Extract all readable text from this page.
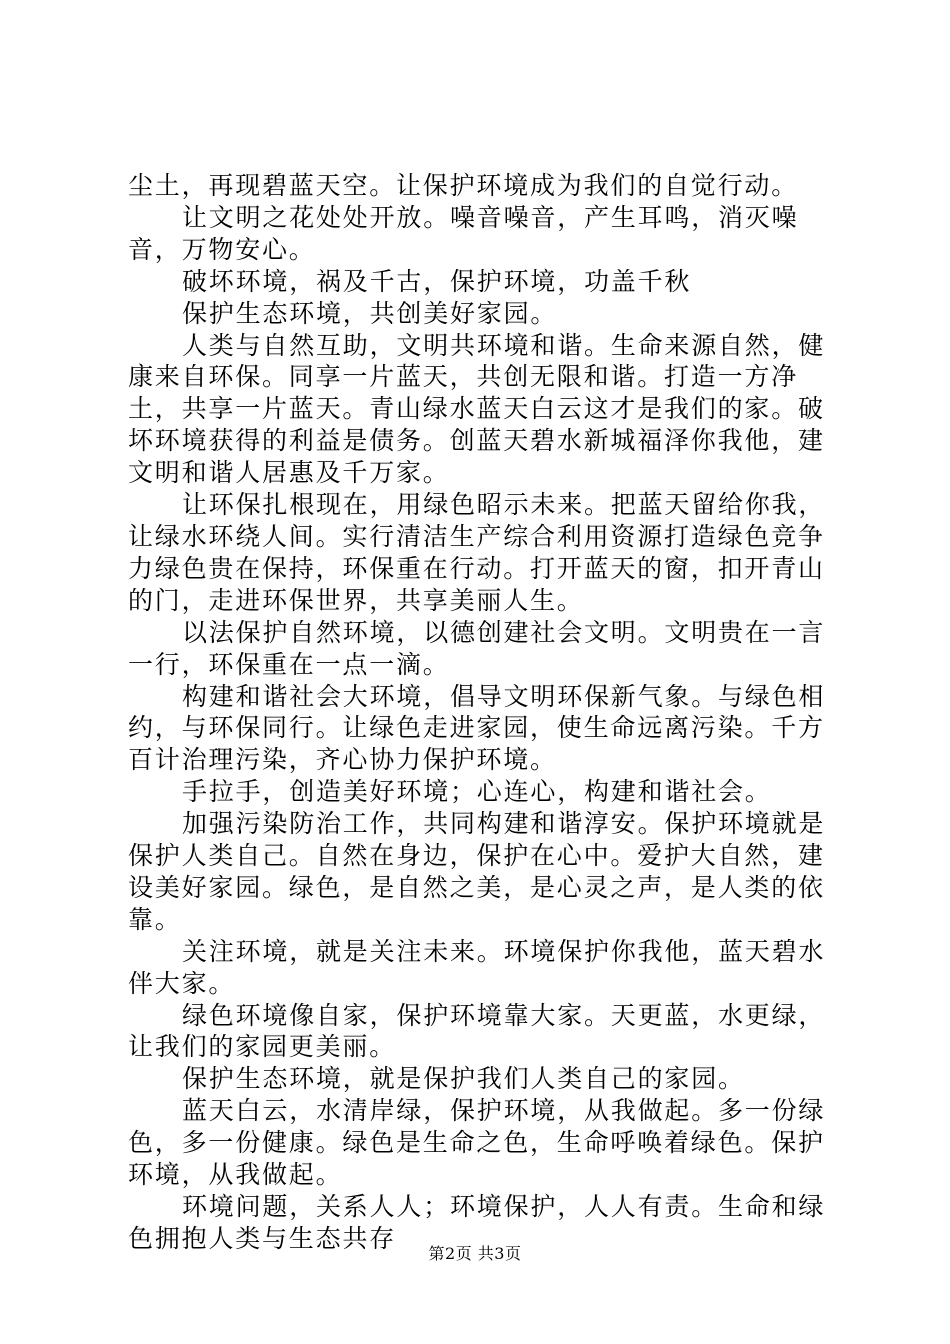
尘土，再现碧蓝天空。让保护环境成为我们的自觉行动。

让文明之花处处开放。噪音噪音，产生耳鸣，消灭噪音，万物安心。

破坏环境，祸及千古，保护环境，功盖千秋

保护生态环境，共创美好家园。

人类与自然互助，文明共环境和谐。生命来源自然，健康来自环保。同享一片蓝天，共创无限和谐。打造一方净土，共享一片蓝天。青山绿水蓝天白云这才是我们的家。破坏环境获得的利益是债务。创蓝天碧水新城福泽你我他，建文明和谐人居惠及千万家。

让环保扎根现在，用绿色昭示未来。把蓝天留给你我，让绿水环绕人间。实行清洁生产综合利用资源打造绿色竞争力绿色贵在保持，环保重在行动。打开蓝天的窗，扣开青山的门，走进环保世界，共享美丽人生。

以法保护自然环境，以德创建社会文明。文明贵在一言一行，环保重在一点一滴。

构建和谐社会大环境，倡导文明环保新气象。与绿色相约，与环保同行。让绿色走进家园，使生命远离污染。千方百计治理污染，齐心协力保护环境。

手拉手，创造美好环境；心连心，构建和谐社会。

加强污染防治工作，共同构建和谐淳安。保护环境就是保护人类自己。自然在身边，保护在心中。爱护大自然，建设美好家园。绿色，是自然之美，是心灵之声，是人类的依靠。

关注环境，就是关注未来。环境保护你我他，蓝天碧水伴大家。

绿色环境像自家，保护环境靠大家。天更蓝，水更绿，让我们的家园更美丽。

保护生态环境，就是保护我们人类自己的家园。

蓝天白云，水清岸绿，保护环境，从我做起。多一份绿色，多一份健康。绿色是生命之色，生命呼唤着绿色。保护环境，从我做起。

环境问题，关系人人；环境保护，人人有责。生命和绿色拥抱人类与生态共存

第2页 共3页
